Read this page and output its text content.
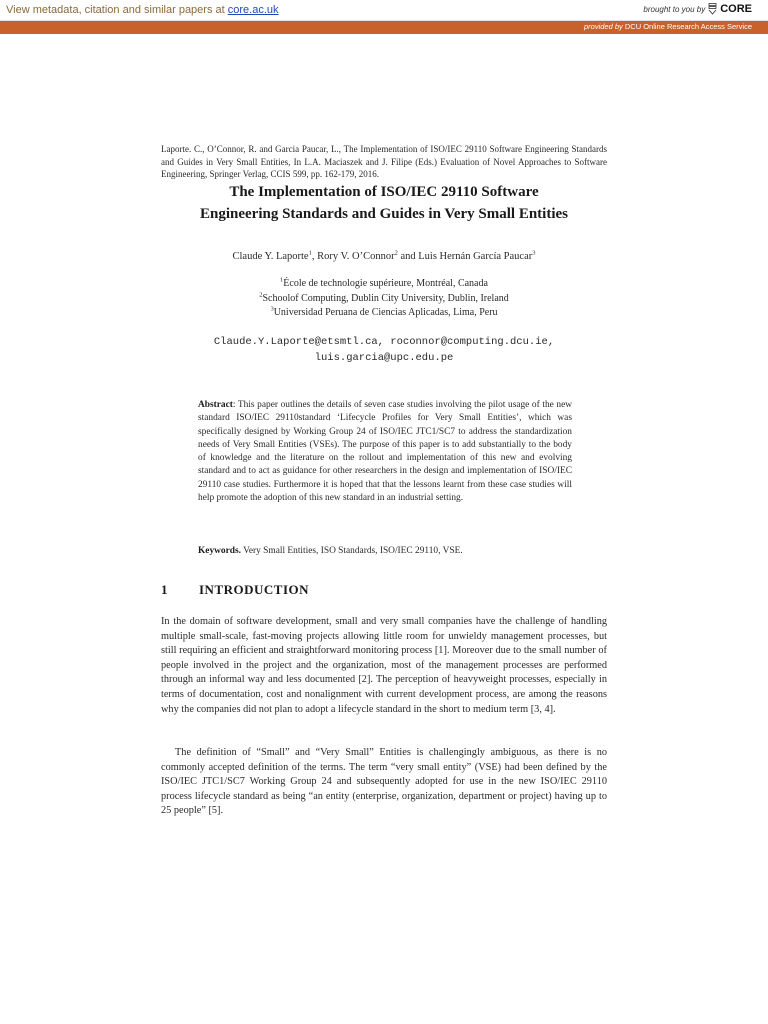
View metadata, citation and similar papers at core.ac.uk	brought to you by CORE
provided by DCU Online Research Access Service
Laporte. C., O’Connor, R. and Garcia Paucar, L., The Implementation of ISO/IEC 29110 Software Engineering Standards and Guides in Very Small Entities, In L.A. Maciaszek and J. Filipe (Eds.) Evaluation of Novel Approaches to Software Engineering, Springer Verlag, CCIS 599, pp. 162-179, 2016.
The Implementation of ISO/IEC 29110 Software
Engineering Standards and Guides in Very Small Entities
Claude Y. Laporte$^1$, Rory V. O’Connor$^2$ and Luis Hernán García Paucar$^3$
$^1$École de technologie supérieure, Montréal, Canada
$^2$Schoolof Computing, Dublin City University, Dublin, Ireland
$^3$Universidad Peruana de Ciencias Aplicadas, Lima, Peru
Claude.Y.Laporte@etsmtl.ca, roconnor@computing.dcu.ie,
luis.garcia@upc.edu.pe
Abstract: This paper outlines the details of seven case studies involving the pilot usage of the new standard ISO/IEC 29110standard ‘Lifecycle Profiles for Very Small Entities’, which was specifically designed by Working Group 24 of ISO/IEC JTC1/SC7 to address the standardization needs of Very Small Entities (VSEs). The purpose of this paper is to add substantially to the body of knowledge and the literature on the rollout and implementation of this new and evolving standard and to act as guidance for other researchers in the design and implementation of ISO/IEC 29110 case studies. Furthermore it is hoped that that the lessons learnt from these case studies will help promote the adoption of this new standard in an industrial setting.
Keywords. Very Small Entities, ISO Standards, ISO/IEC 29110, VSE.
1 INTRODUCTION
In the domain of software development, small and very small companies have the challenge of handling multiple small-scale, fast-moving projects allowing little room for unwieldy management processes, but still requiring an efficient and straightforward monitoring process [1]. Moreover due to the small number of people involved in the project and the organization, most of the management processes are performed through an informal way and less documented [2]. The perception of heavyweight processes, especially in terms of documentation, cost and nonalignment with current development process, are among the reasons why the companies did not plan to adopt a lifecycle standard in the short to medium term [3, 4].
The definition of “Small” and “Very Small” Entities is challengingly ambiguous, as there is no commonly accepted definition of the terms. The term “very small entity” (VSE) had been defined by the ISO/IEC JTC1/SC7 Working Group 24 and subsequently adopted for use in the new ISO/IEC 29110 process lifecycle standard as being “an entity (enterprise, organization, department or project) having up to 25 people” [5].
